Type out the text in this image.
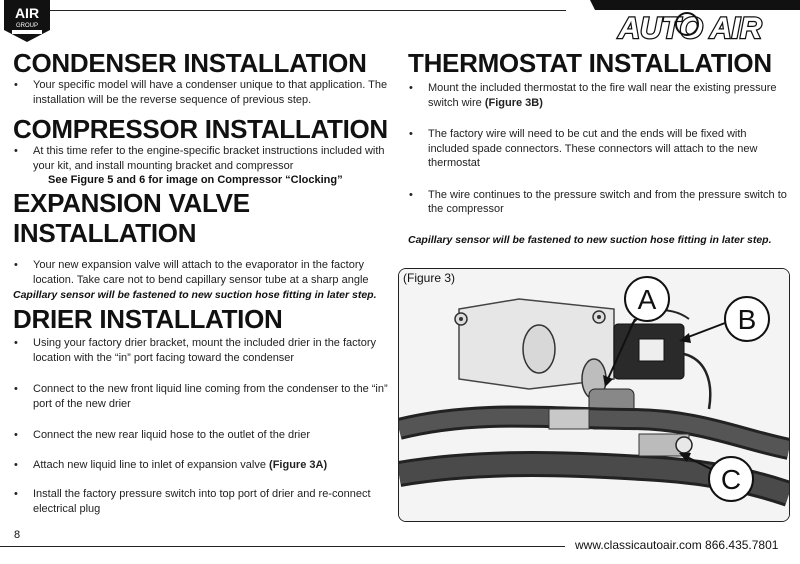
AIR
GROUP	AUTO AIR
CONDENSER INSTALLATION
• Your specific model will have a condenser unique to that application. The installation will be the reverse sequence of previous step.
COMPRESSOR INSTALLATION
• At this time refer to the engine-specific bracket instructions included with your kit, and install mounting bracket and compressor
See Figure 5 and 6 for image on Compressor “Clocking”
EXPANSION VALVE
INSTALLATION
• Your new expansion valve will attach to the evaporator in the factory location. Take care not to bend capillary sensor tube at a sharp angle
Capillary sensor will be fastened to new suction hose fitting in later step.
DRIER INSTALLATION
• Using your factory drier bracket, mount the included drier in the factory location with the “in” port facing toward the condenser
• Connect to the new front liquid line coming from the condenser to the “in” port of the new drier
• Connect the new rear liquid hose to the outlet of the drier
• Attach new liquid line to inlet of expansion valve (Figure 3A)
• Install the factory pressure switch into top port of drier and re-connect electrical plug
THERMOSTAT INSTALLATION
• Mount the included thermostat to the fire wall near the existing pressure switch wire (Figure 3B)
• The factory wire will need to be cut and the ends will be fixed with included spade connectors. These connectors will attach to the new thermostat
• The wire continues to the pressure switch and from the pressure switch to the compressor
Capillary sensor will be fastened to new suction hose fitting in later step.
A
B
C
(Figure 3)
8
www.classicautoair.com 866.435.7801
